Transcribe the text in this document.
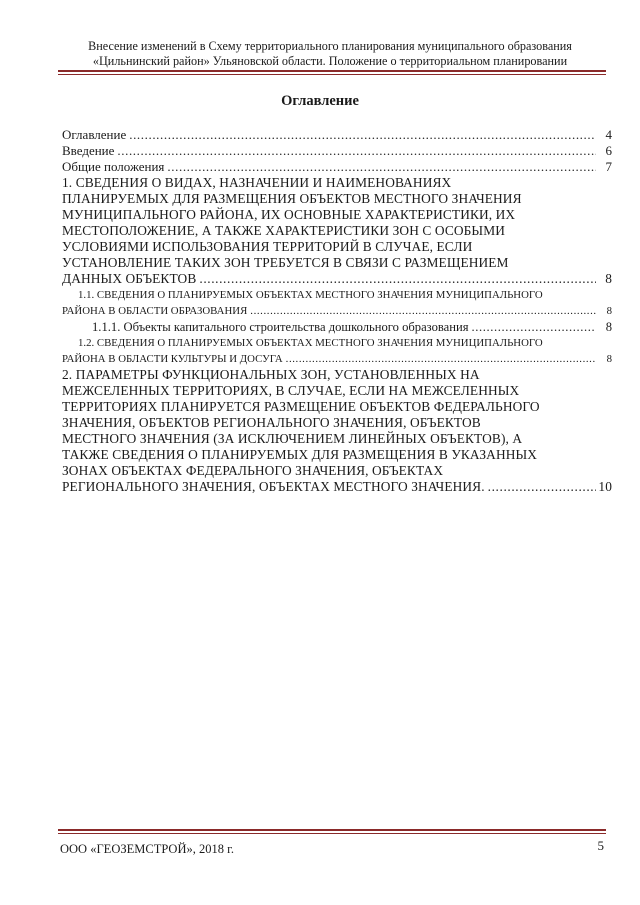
Внесение изменений в Схему территориального планирования муниципального образования
«Цильнинский район» Ульяновской области. Положение о территориальном планировании
Оглавление
Оглавление .....	4
Введение .....	6
Общие положения .....	7
1. СВЕДЕНИЯ О ВИДАХ, НАЗНАЧЕНИИ И НАИМЕНОВАНИЯХ
ПЛАНИРУЕМЫХ ДЛЯ РАЗМЕЩЕНИЯ ОБЪЕКТОВ МЕСТНОГО ЗНАЧЕНИЯ
МУНИЦИПАЛЬНОГО РАЙОНА, ИХ ОСНОВНЫЕ ХАРАКТЕРИСТИКИ, ИХ
МЕСТОПОЛОЖЕНИЕ, А ТАКЖЕ ХАРАКТЕРИСТИКИ ЗОН С ОСОБЫМИ
УСЛОВИЯМИ ИСПОЛЬЗОВАНИЯ ТЕРРИТОРИЙ В СЛУЧАЕ, ЕСЛИ
УСТАНОВЛЕНИЕ ТАКИХ ЗОН ТРЕБУЕТСЯ В СВЯЗИ С РАЗМЕЩЕНИЕМ
ДАННЫХ ОБЪЕКТОВ .....	8
1.1. СВЕДЕНИЯ О ПЛАНИРУЕМЫХ ОБЪЕКТАХ МЕСТНОГО ЗНАЧЕНИЯ МУНИЦИПАЛЬНОГО
РАЙОНА В ОБЛАСТИ ОБРАЗОВАНИЯ .....	8
1.1.1. Объекты капитального строительства дошкольного образования .....	8
1.2. СВЕДЕНИЯ О ПЛАНИРУЕМЫХ ОБЪЕКТАХ МЕСТНОГО ЗНАЧЕНИЯ МУНИЦИПАЛЬНОГО
РАЙОНА В ОБЛАСТИ КУЛЬТУРЫ И ДОСУГА .....	8
2. ПАРАМЕТРЫ ФУНКЦИОНАЛЬНЫХ ЗОН, УСТАНОВЛЕННЫХ НА
МЕЖСЕЛЕННЫХ ТЕРРИТОРИЯХ, В СЛУЧАЕ, ЕСЛИ НА МЕЖСЕЛЕННЫХ
ТЕРРИТОРИЯХ ПЛАНИРУЕТСЯ РАЗМЕЩЕНИЕ ОБЪЕКТОВ ФЕДЕРАЛЬНОГО
ЗНАЧЕНИЯ, ОБЪЕКТОВ РЕГИОНАЛЬНОГО ЗНАЧЕНИЯ, ОБЪЕКТОВ
МЕСТНОГО ЗНАЧЕНИЯ (ЗА ИСКЛЮЧЕНИЕМ ЛИНЕЙНЫХ ОБЪЕКТОВ), А
ТАКЖЕ СВЕДЕНИЯ О ПЛАНИРУЕМЫХ ДЛЯ РАЗМЕЩЕНИЯ В УКАЗАННЫХ
ЗОНАХ ОБЪЕКТАХ ФЕДЕРАЛЬНОГО ЗНАЧЕНИЯ, ОБЪЕКТАХ
РЕГИОНАЛЬНОГО ЗНАЧЕНИЯ, ОБЪЕКТАХ МЕСТНОГО ЗНАЧЕНИЯ. .....	10
ООО «ГЕОЗЕМСТРОЙ», 2018 г.	5
